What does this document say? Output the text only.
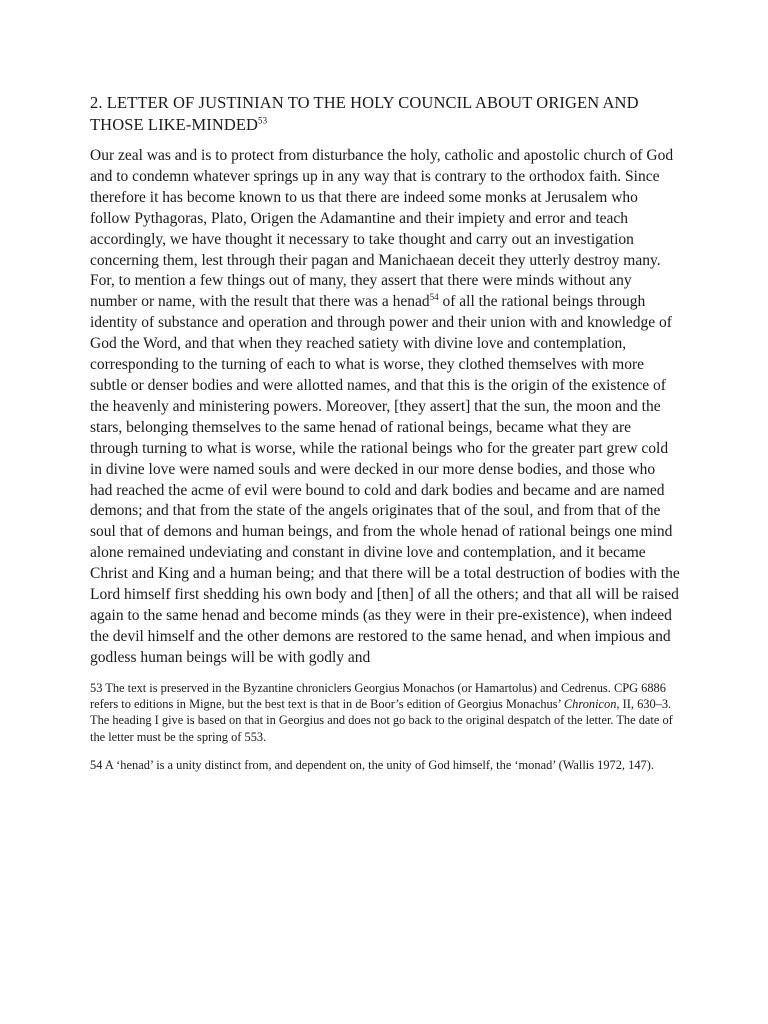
2. LETTER OF JUSTINIAN TO THE HOLY COUNCIL ABOUT ORIGEN AND THOSE LIKE-MINDED$^{53}$

Our zeal was and is to protect from disturbance the holy, catholic and apostolic church of God and to condemn whatever springs up in any way that is contrary to the orthodox faith. Since therefore it has become known to us that there are indeed some monks at Jerusalem who follow Pythagoras, Plato, Origen the Adamantine and their impiety and error and teach accordingly, we have thought it necessary to take thought and carry out an investigation concerning them, lest through their pagan and Manichaean deceit they utterly destroy many. For, to mention a few things out of many, they assert that there were minds without any number or name, with the result that there was a henad$^{54}$ of all the rational beings through identity of substance and operation and through power and their union with and knowledge of God the Word, and that when they reached satiety with divine love and contemplation, corresponding to the turning of each to what is worse, they clothed themselves with more subtle or denser bodies and were allotted names, and that this is the origin of the existence of the heavenly and ministering powers. Moreover, [they assert] that the sun, the moon and the stars, belonging themselves to the same henad of rational beings, became what they are through turning to what is worse, while the rational beings who for the greater part grew cold in divine love were named souls and were decked in our more dense bodies, and those who had reached the acme of evil were bound to cold and dark bodies and became and are named demons; and that from the state of the angels originates that of the soul, and from that of the soul that of demons and human beings, and from the whole henad of rational beings one mind alone remained undeviating and constant in divine love and contemplation, and it became Christ and King and a human being; and that there will be a total destruction of bodies with the Lord himself first shedding his own body and [then] of all the others; and that all will be raised again to the same henad and become minds (as they were in their pre-existence), when indeed the devil himself and the other demons are restored to the same henad, and when impious and godless human beings will be with godly and

53 The text is preserved in the Byzantine chroniclers Georgius Monachos (or Hamartolus) and Cedrenus. CPG 6886 refers to editions in Migne, but the best text is that in de Boor’s edition of Georgius Monachus’ Chronicon, II, 630–3. The heading I give is based on that in Georgius and does not go back to the original despatch of the letter. The date of the letter must be the spring of 553.

54 A ‘henad’ is a unity distinct from, and dependent on, the unity of God himself, the ‘monad’ (Wallis 1972, 147).
